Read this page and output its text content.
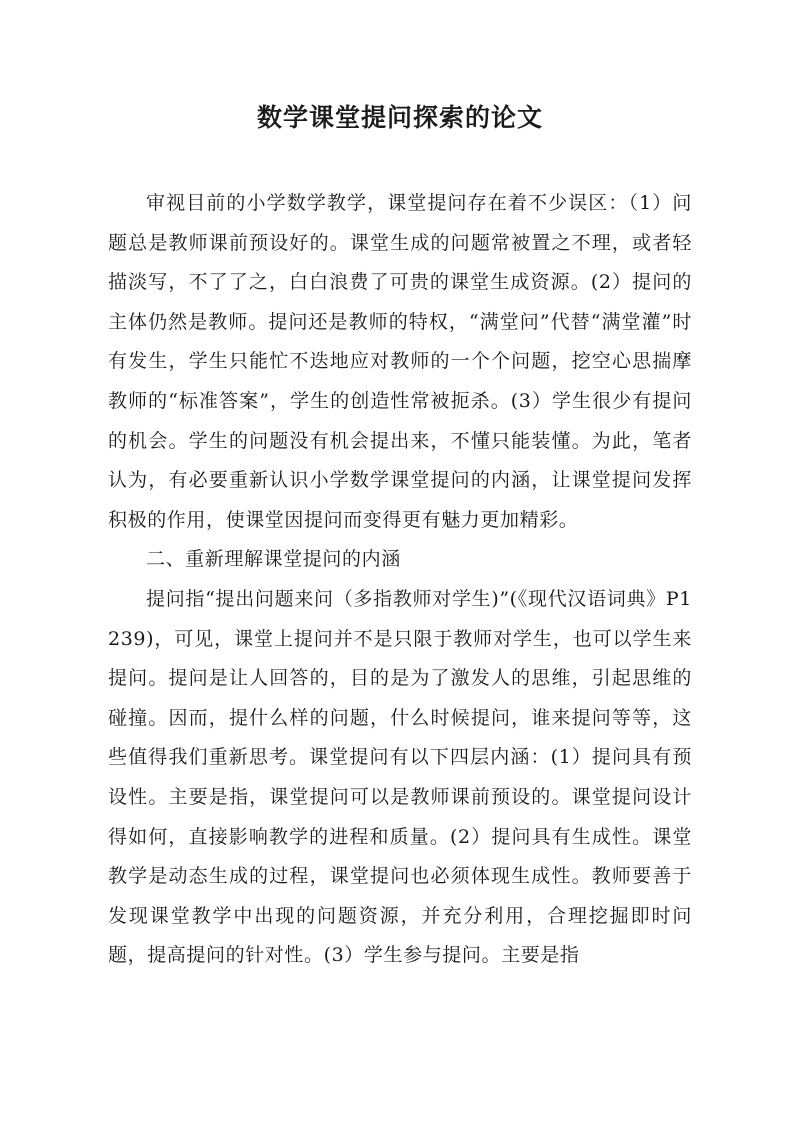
数学课堂提问探索的论文

审视目前的小学数学教学，课堂提问存在着不少误区：（1）问题总是教师课前预设好的。课堂生成的问题常被置之不理，或者轻描淡写，不了了之，白白浪费了可贵的课堂生成资源。(2）提问的主体仍然是教师。提问还是教师的特权，“满堂问”代替“满堂灌”时有发生，学生只能忙不迭地应对教师的一个个问题，挖空心思揣摩教师的“标准答案”，学生的创造性常被扼杀。(3）学生很少有提问的机会。学生的问题没有机会提出来，不懂只能装懂。为此，笔者认为，有必要重新认识小学数学课堂提问的内涵，让课堂提问发挥积极的作用，使课堂因提问而变得更有魅力更加精彩。

二、重新理解课堂提问的内涵

提问指“提出问题来问（多指教师对学生)”(《现代汉语词典》P1239)，可见，课堂上提问并不是只限于教师对学生，也可以学生来提问。提问是让人回答的，目的是为了激发人的思维，引起思维的碰撞。因而，提什么样的问题，什么时候提问，谁来提问等等，这些值得我们重新思考。课堂提问有以下四层内涵：(1）提问具有预设性。主要是指，课堂提问可以是教师课前预设的。课堂提问设计得如何，直接影响教学的进程和质量。(2）提问具有生成性。课堂教学是动态生成的过程，课堂提问也必须体现生成性。教师要善于发现课堂教学中出现的问题资源，并充分利用，合理挖掘即时问题，提高提问的针对性。(3）学生参与提问。主要是指
